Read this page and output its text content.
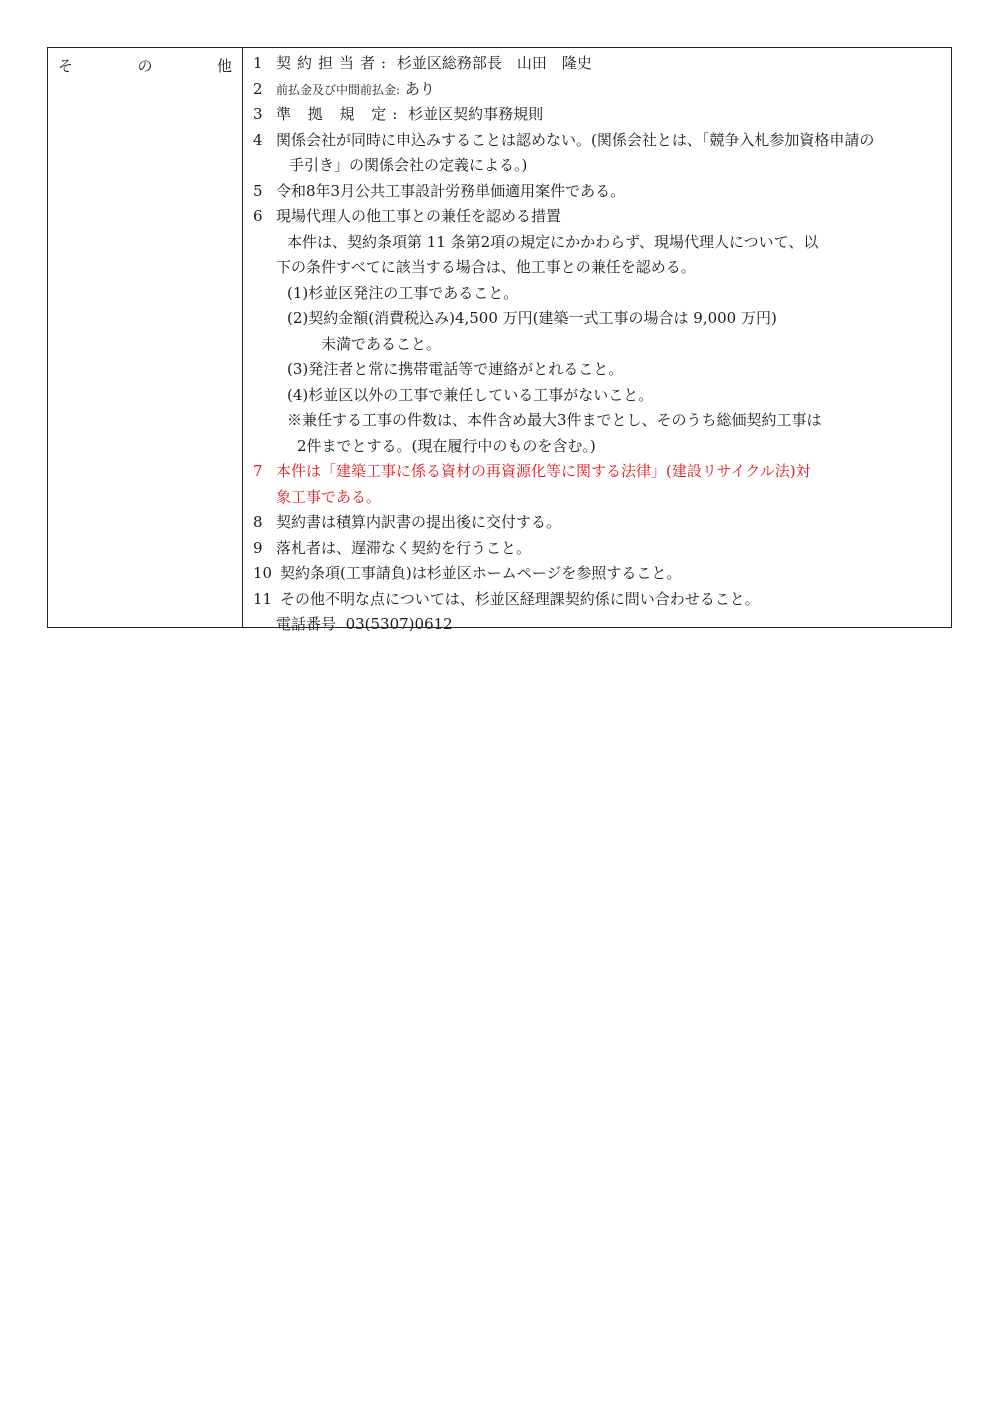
そ	の	他 1 契約担当者: 杉並区総務部長　山田　隆史
2 前払金及び中間前払金: あり
3 準 拠 規 定: 杉並区契約事務規則
4 関係会社が同時に申込みすることは認めない。(関係会社とは、「競争入札参加資格申請の
手引き」の関係会社の定義による。)
5 令和8年3月公共工事設計労務単価適用案件である。
6 現場代理人の他工事との兼任を認める措置
本件は、契約条項第 11 条第2項の規定にかかわらず、現場代理人について、以
下の条件すべてに該当する場合は、他工事との兼任を認める。
(1)杉並区発注の工事であること。
(2)契約金額(消費税込み)4,500 万円(建築一式工事の場合は 9,000 万円)
未満であること。
(3)発注者と常に携帯電話等で連絡がとれること。
(4)杉並区以外の工事で兼任している工事がないこと。
※兼任する工事の件数は、本件含め最大3件までとし、そのうち総価契約工事は
2件までとする。(現在履行中のものを含む。)
7 本件は「建築工事に係る資材の再資源化等に関する法律」(建設リサイクル法)対
象工事である。
8 契約書は積算内訳書の提出後に交付する。
9 落札者は、遅滞なく契約を行うこと。
10 契約条項(工事請負)は杉並区ホームページを参照すること。
11 その他不明な点については、杉並区経理課契約係に問い合わせること。
電話番号 03(5307)0612
